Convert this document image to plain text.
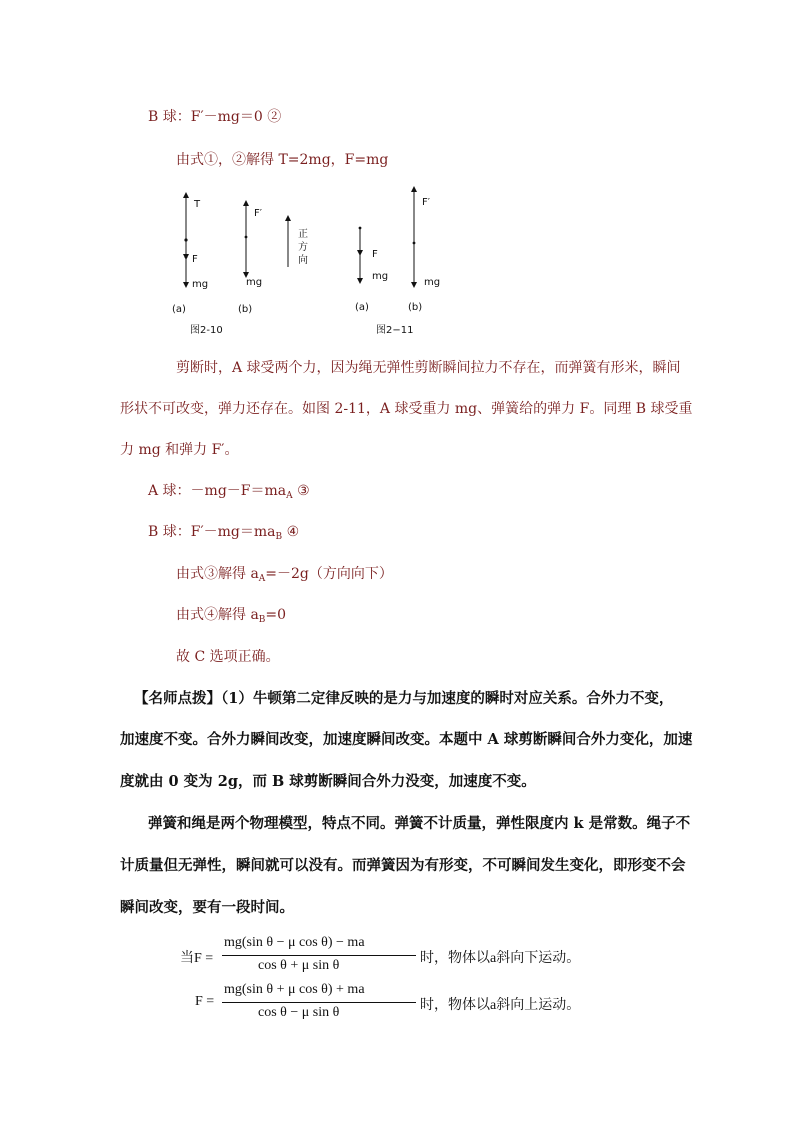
B 球：F′－mg＝0 ②
由式①，②解得 T=2mg，F=mg
T
F
mg
(a)
F′
mg
(b)
正
方
向
图2-10
F
mg
(a)
F′
mg
(b)
图2−11
剪断时，A 球受两个力，因为绳无弹性剪断瞬间拉力不存在，而弹簧有形米，瞬间
形状不可改变，弹力还存在。如图 2-11，A 球受重力 mg、弹簧给的弹力 F。同理 B 球受重
力 mg 和弹力 F′。
A 球：$-mg-F=ma_A$ ③
B 球：$F'-mg=ma_B$ ④
由式③解得 $a_A=-2g$（方向向下）
由式④解得 $a_B=0$
故 C 选项正确。
【名师点拨】（1）牛顿第二定律反映的是力与加速度的瞬时对应关系。合外力不变，
加速度不变。合外力瞬间改变，加速度瞬间改变。本题中 A 球剪断瞬间合外力变化，加速
度就由 0 变为 2g，而 B 球剪断瞬间合外力没变，加速度不变。
弹簧和绳是两个物理模型，特点不同。弹簧不计质量，弹性限度内 k 是常数。绳子不
计质量但无弹性，瞬间就可以没有。而弹簧因为有形变，不可瞬间发生变化，即形变不会
瞬间改变，要有一段时间。
当F =
mg(sin θ − μ cos θ) − ma
cos θ + μ sin θ	时，物体以a斜向下运动。
F =
mg(sin θ + μ cos θ) + ma
cos θ − μ sin θ	时，物体以a斜向上运动。
